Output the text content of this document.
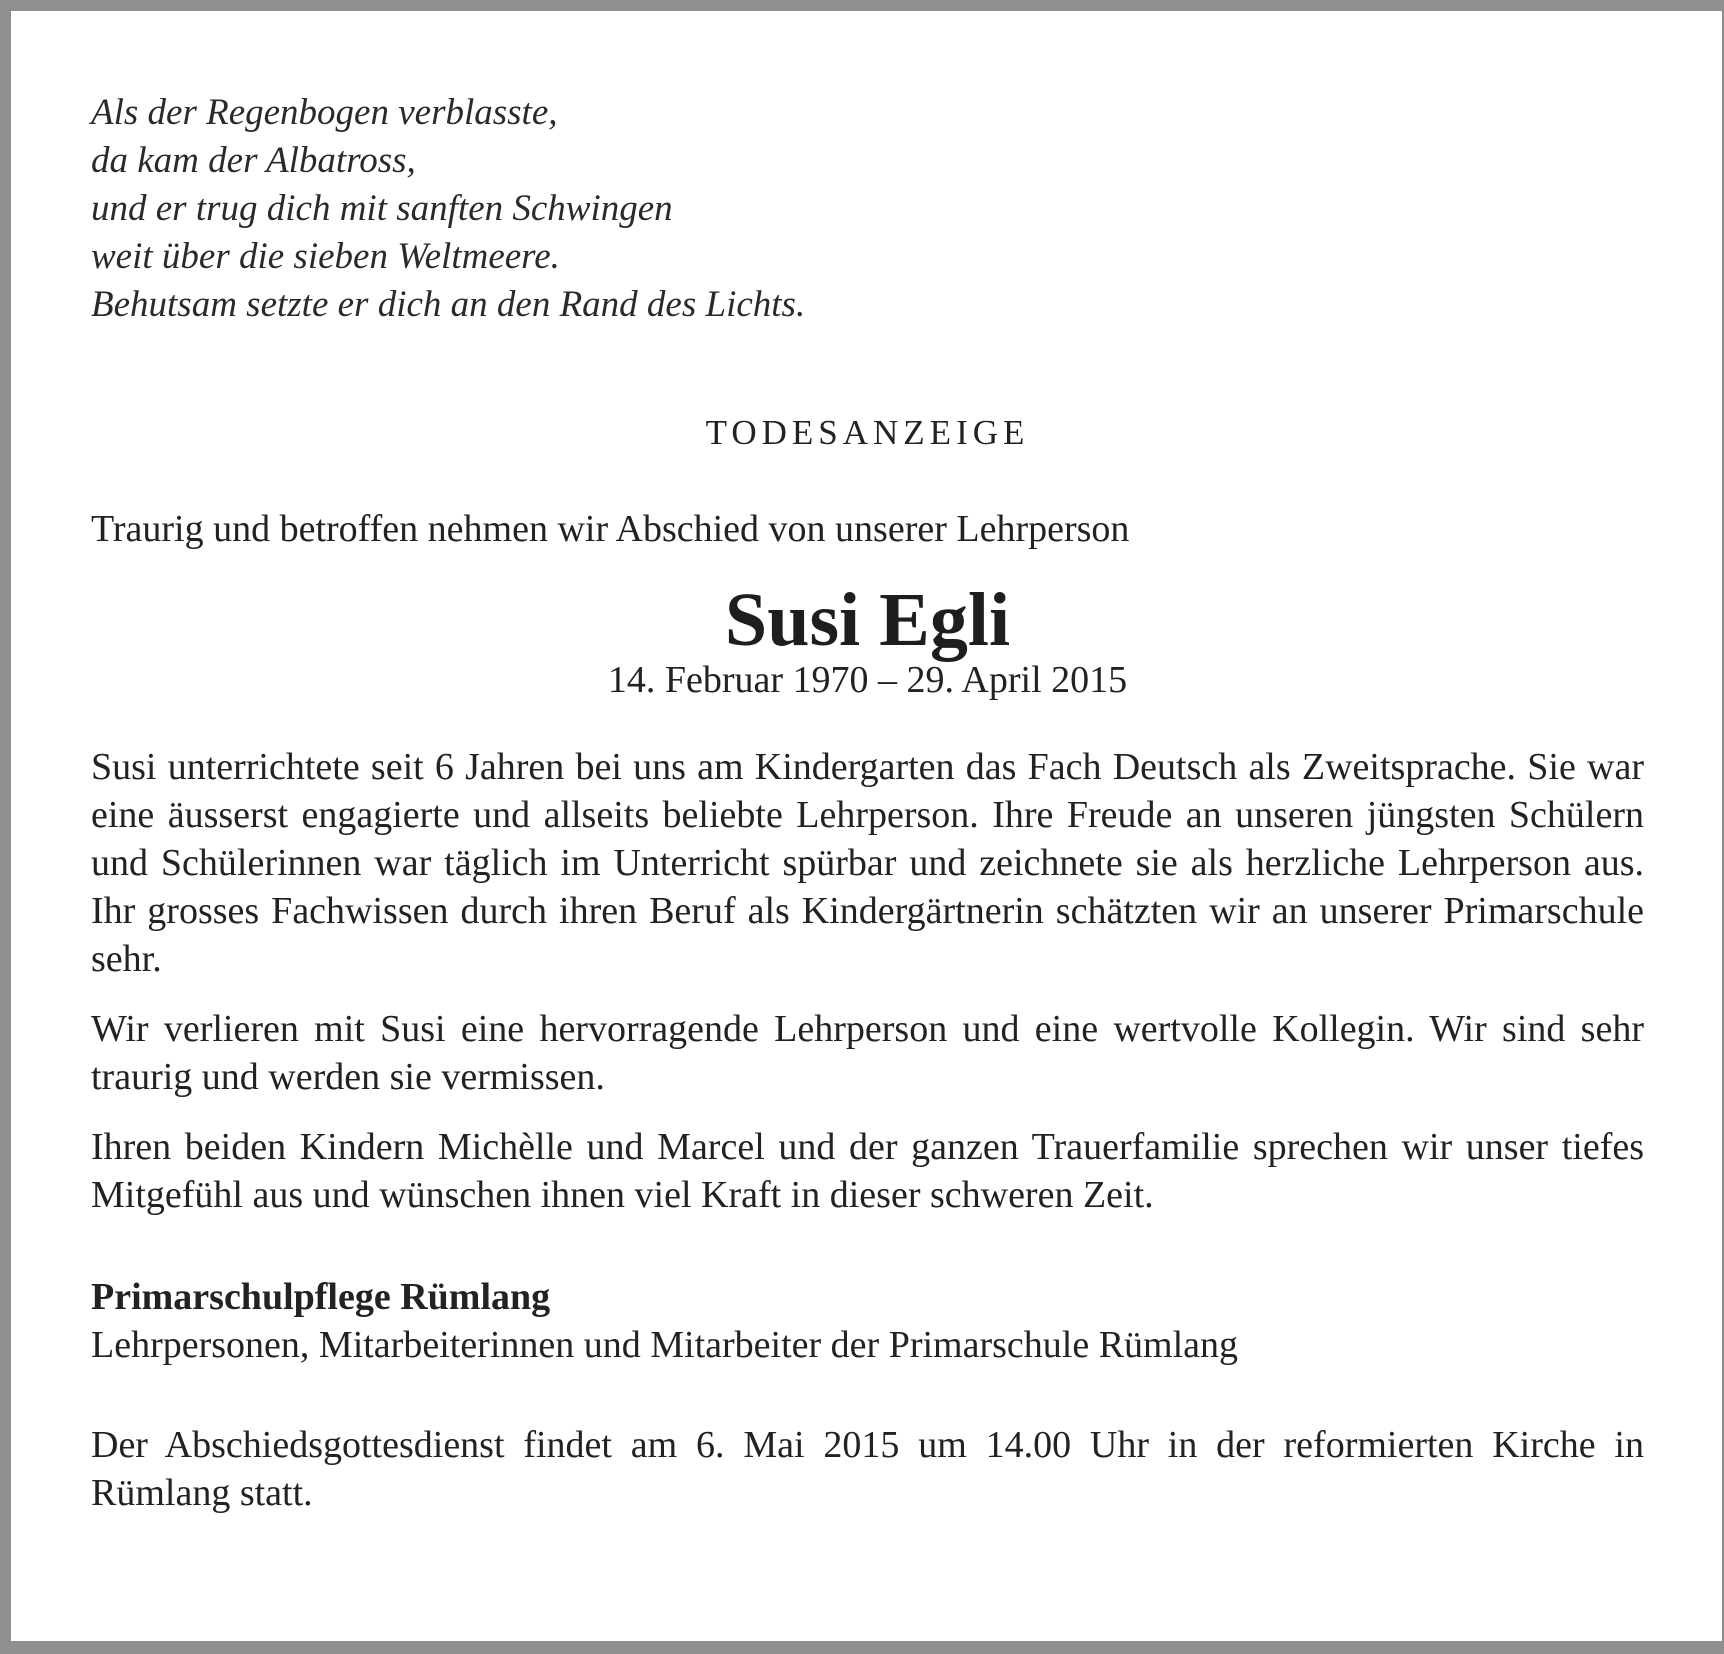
Als der Regenbogen verblasste,
da kam der Albatross,
und er trug dich mit sanften Schwingen
weit über die sieben Weltmeere.
Behutsam setzte er dich an den Rand des Lichts.
TODESANZEIGE
Traurig und betroffen nehmen wir Abschied von unserer Lehrperson
Susi Egli
14. Februar 1970 – 29. April 2015

Susi unterrichtete seit 6 Jahren bei uns am Kindergarten das Fach Deutsch als Zweitsprache. Sie war eine äusserst engagierte und allseits beliebte Lehrperson. Ihre Freude an unseren jüngsten Schülern und Schülerinnen war täglich im Unterricht spürbar und zeichnete sie als herzliche Lehrperson aus. Ihr grosses Fachwissen durch ihren Beruf als Kindergärtnerin schätzten wir an unserer Primarschule sehr.

Wir verlieren mit Susi eine hervorragende Lehrperson und eine wertvolle Kollegin. Wir sind sehr traurig und werden sie vermissen.

Ihren beiden Kindern Michèlle und Marcel und der ganzen Trauerfamilie sprechen wir unser tiefes Mitgefühl aus und wünschen ihnen viel Kraft in dieser schweren Zeit.

Primarschulpflege Rümlang
Lehrpersonen, Mitarbeiterinnen und Mitarbeiter der Primarschule Rümlang

Der Abschiedsgottesdienst findet am 6. Mai 2015 um 14.00 Uhr in der reformierten Kirche in Rümlang statt.
